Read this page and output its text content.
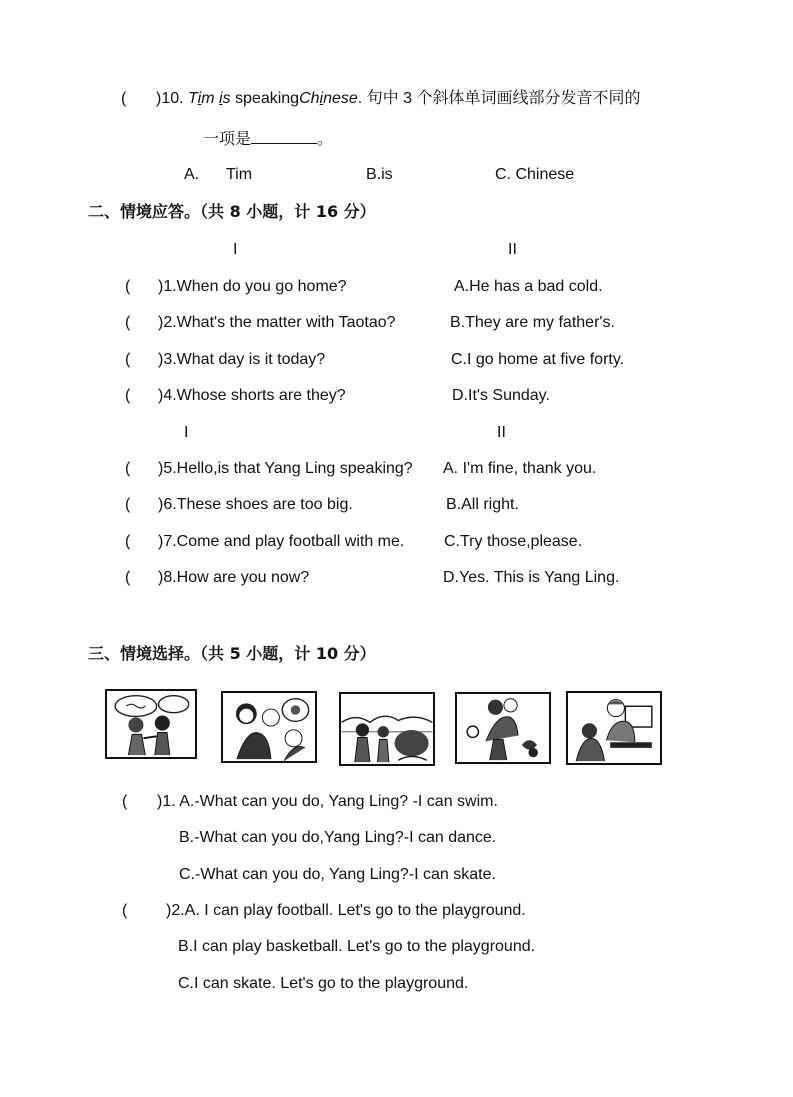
( )10. Tim is speakingChinese. 句中 3 个斜体单词画线部分发音不同的
一项是	。
A. Tim	B.is	C. Chinese
二、情境应答。（共 8 小题，计 16 分）
I	II
( )1.When do you go home?	A.He has a bad cold.
( )2.What's the matter with Taotao?	B.They are my father's.
( )3.What day is it today?	C.I go home at five forty.
( )4.Whose shorts are they?	D.It's Sunday.
I	II
( )5.Hello,is that Yang Ling speaking? A. I'm fine, thank you.
( )6.These shoes are too big.	B.All right.
( )7.Come and play football with me. C.Try those,please.
( )8.How are you now?	D.Yes. This is Yang Ling.
三、情境选择。（共 5 小题，计 10 分）
( )1. A.-What can you do, Yang Ling? -I can swim.
B.-What can you do,Yang Ling?-I can dance.
C.-What can you do, Yang Ling?-I can skate.
( )2.A. I can play football. Let's go to the playground.
B.I can play basketball. Let's go to the playground.
C.I can skate. Let's go to the playground.
